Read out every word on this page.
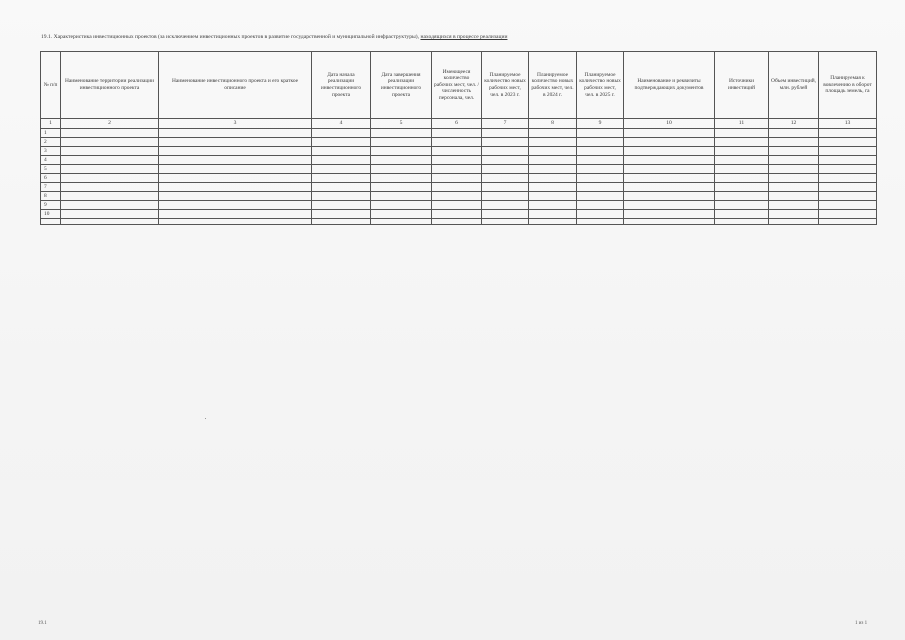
19.1. Характеристика инвестиционных проектов (за исключением инвестиционных проектов в развитие государственной и муниципальной инфраструктуры), находящихся в процессе реализации
№ п/п	Наименование территории реализации инвестиционного проекта	Наименование инвестиционного проекта и его краткое описание	Дата начала реализации инвестиционного проекта	Дата завершения реализации инвестиционного проекта	Имеющееся количество рабочих мест, чел. / численность персонала, чел.	Планируемое количество новых рабочих мест, чел. в 2023 г.	Планируемое количество новых рабочих мест, чел. в 2024 г.	Планируемое количество новых рабочих мест, чел. в 2025 г.	Наименование и реквизиты подтверждающих документов	Источники инвестиций	Объем инвестиций, млн. рублей	Планируемая к вовлечению в оборот площадь земель, га
1	2	3	4	5	6	7	8	9	10	11	12	13
1												
2												
3												
4												
5												
6												
7												
8												
9												
10												

19.1	1 из 1
